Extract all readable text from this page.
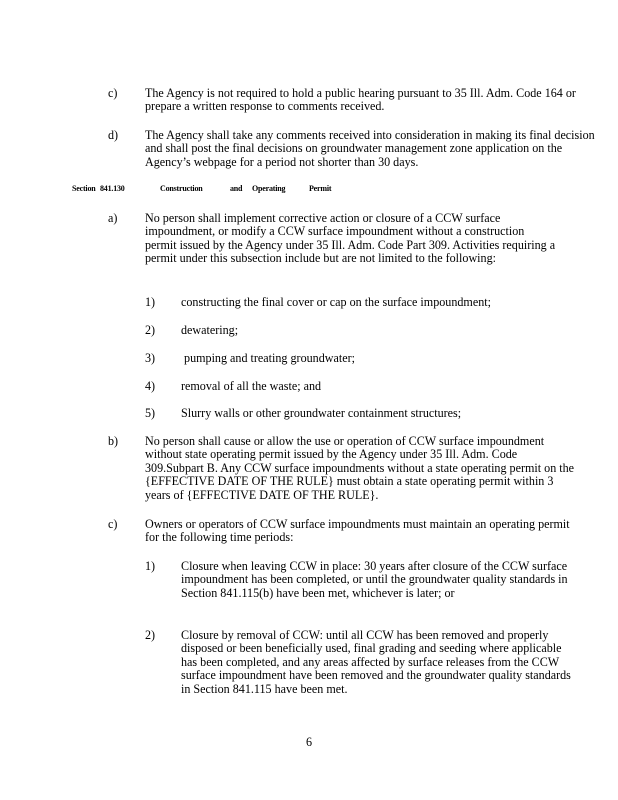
c)	The Agency is not required to hold a public hearing pursuant to 35 Ill. Adm. Code 164 or prepare a written response to comments received.
d)	The Agency shall take any comments received into consideration in making its final decision and shall post the final decisions on groundwater management zone application on the Agency’s webpage for a period not shorter than 30 days.
Section 841.130	Construction	and Operating	Permit
a)	No person shall implement corrective action or closure of a CCW surface impoundment, or modify a CCW surface impoundment without a construction permit issued by the Agency under 35 Ill. Adm. Code Part 309. Activities requiring a permit under this subsection include but are not limited to the following:
1)	constructing the final cover or cap on the surface impoundment;
2)	dewatering;
3)	pumping and treating groundwater;
4)	removal of all the waste; and
5)	Slurry walls or other groundwater containment structures;
b)	No person shall cause or allow the use or operation of CCW surface impoundment without state operating permit issued by the Agency under 35 Ill. Adm. Code 309.Subpart B. Any CCW surface impoundments without a state operating permit on the {EFFECTIVE DATE OF THE RULE} must obtain a state operating permit within 3 years of {EFFECTIVE DATE OF THE RULE}.
c)	Owners or operators of CCW surface impoundments must maintain an operating permit for the following time periods:
1)	Closure when leaving CCW in place: 30 years after closure of the CCW surface impoundment has been completed, or until the groundwater quality standards in Section 841.115(b) have been met, whichever is later; or
2)	Closure by removal of CCW: until all CCW has been removed and properly disposed or been beneficially used, final grading and seeding where applicable has been completed, and any areas affected by surface releases from the CCW surface impoundment have been removed and the groundwater quality standards in Section 841.115 have been met.
6
